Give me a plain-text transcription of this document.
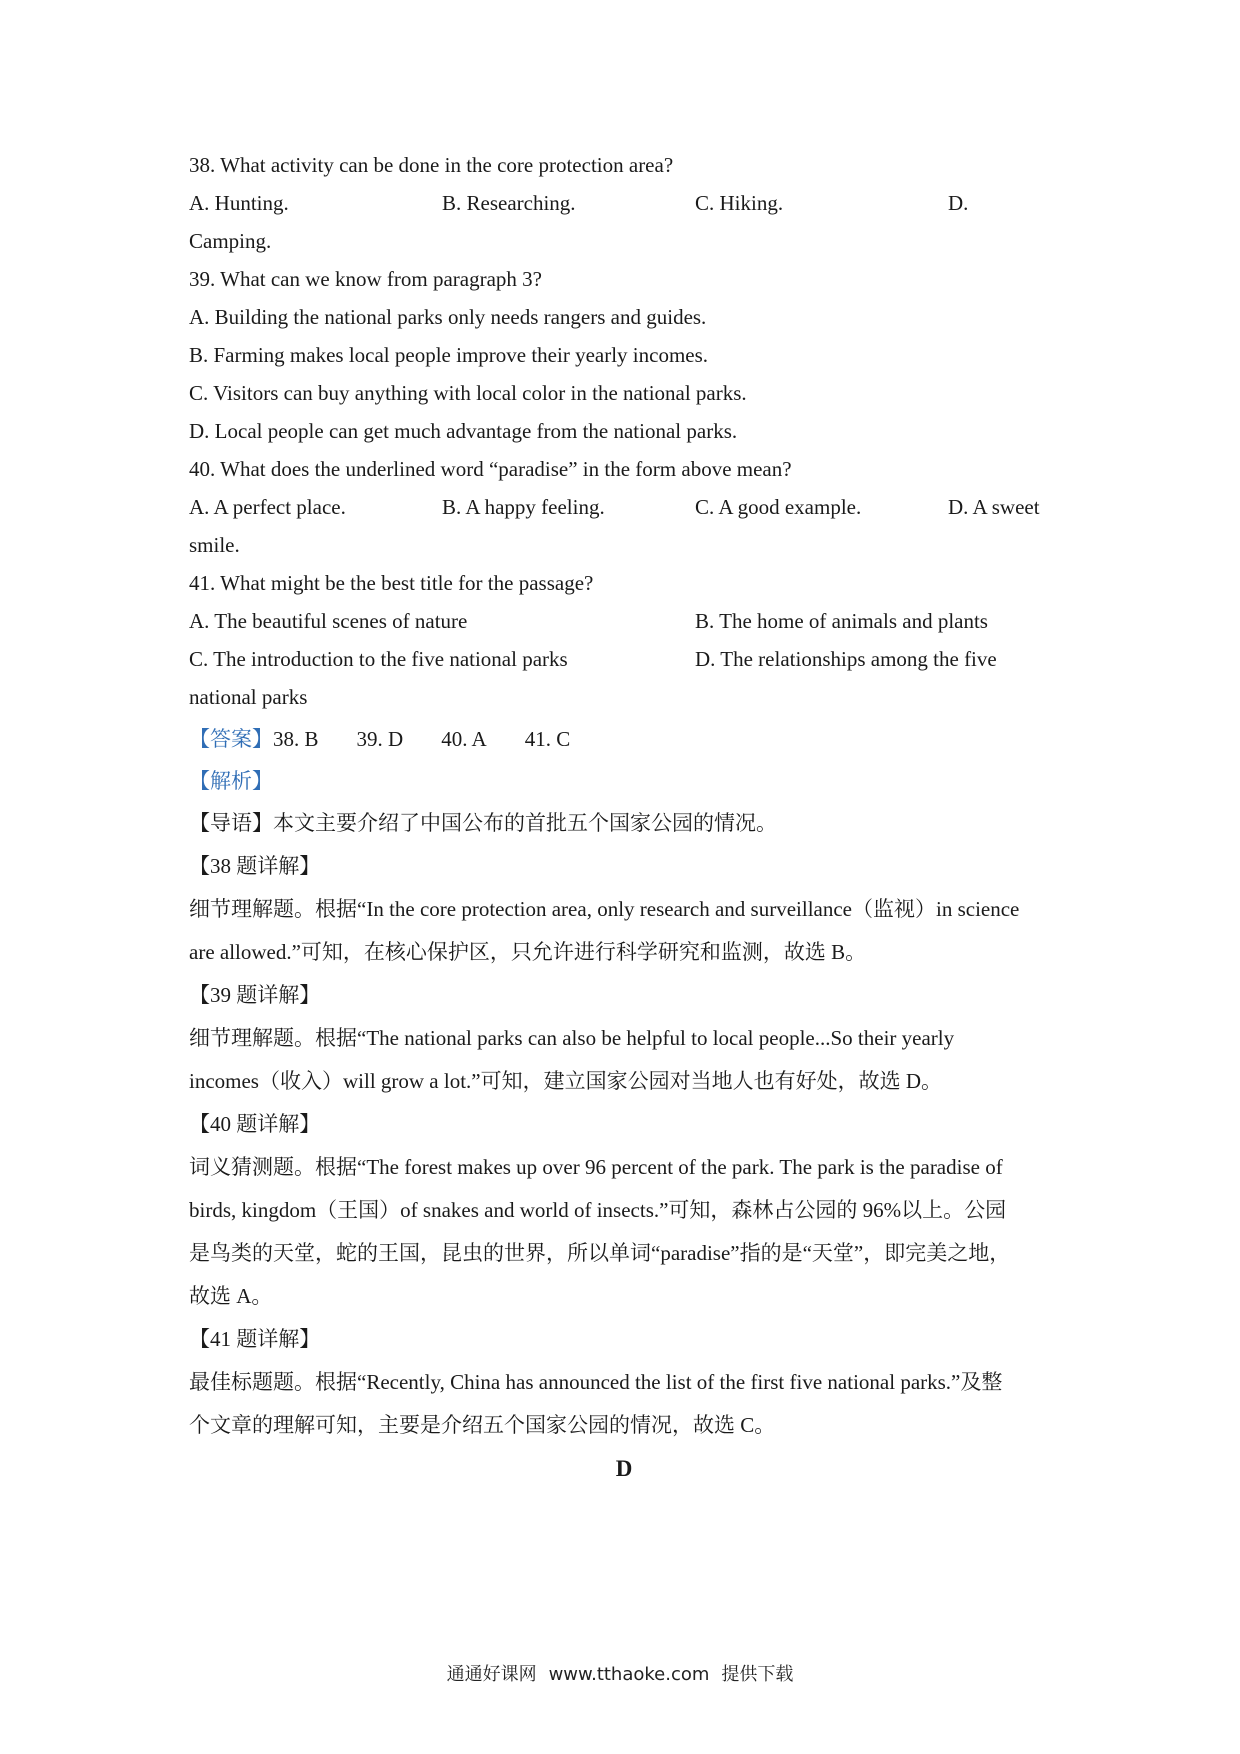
38. What activity can be done in the core protection area?
A. Hunting.	B. Researching.	C. Hiking.	D.
Camping.
39. What can we know from paragraph 3?
A. Building the national parks only needs rangers and guides.
B. Farming makes local people improve their yearly incomes.
C. Visitors can buy anything with local color in the national parks.
D. Local people can get much advantage from the national parks.
40. What does the underlined word “paradise” in the form above mean?
A. A perfect place.	B. A happy feeling.	C. A good example.	D. A sweet
smile.
41. What might be the best title for the passage?
A. The beautiful scenes of nature	B. The home of animals and plants
C. The introduction to the five national parks	D. The relationships among the five
national parks
【答案】38. B 39. D 40. A 41. C
【解析】
【导语】本文主要介绍了中国公布的首批五个国家公园的情况。
【38 题详解】
细节理解题。根据“In the core protection area, only research and surveillance（监视）in science
are allowed.”可知，在核心保护区，只允许进行科学研究和监测，故选 B。
【39 题详解】
细节理解题。根据“The national parks can also be helpful to local people...So their yearly
incomes（收入）will grow a lot.”可知，建立国家公园对当地人也有好处，故选 D。
【40 题详解】
词义猜测题。根据“The forest makes up over 96 percent of the park. The park is the paradise of
birds, kingdom（王国）of snakes and world of insects.”可知，森林占公园的 96%以上。公园
是鸟类的天堂，蛇的王国，昆虫的世界，所以单词“paradise”指的是“天堂”，即完美之地，
故选 A。
【41 题详解】
最佳标题题。根据“Recently, China has announced the list of the first five national parks.”及整
个文章的理解可知，主要是介绍五个国家公园的情况，故选 C。
D
通通好课网 www.tthaoke.com 提供下载
